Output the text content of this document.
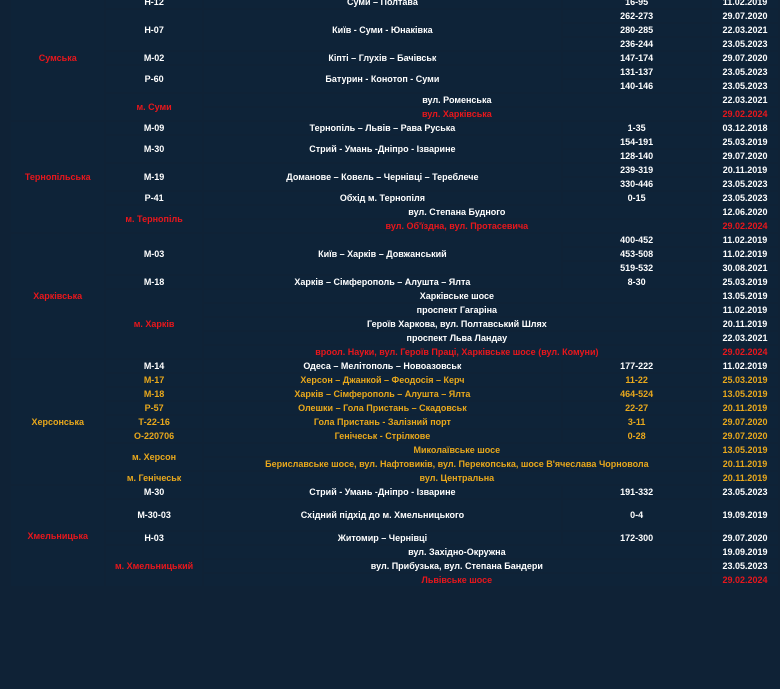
Сумська	Н-12	Суми – Полтава	16-95	11.02.2019
	Н-07	Київ - Суми - Юнаківка	262-273	29.07.2020
			280-285	22.03.2021
			236-244	23.05.2023
	М-02	Кіпті – Глухів – Бачівськ	147-174	29.07.2020
	Р-60	Батурин - Конотоп - Суми	131-137	23.05.2023
			140-146	23.05.2023
	м. Суми	вул. Роменська		22.03.2021
		вул. Харківська		29.02.2024
Тернопільська	М-09	Тернопіль – Львів – Рава Руська	1-35	03.12.2018
	М-30	Стрий - Умань -Дніпро - Ізварине	154-191	25.03.2019
			128-140	29.07.2020
	М-19	Доманове – Ковель – Чернівці – Тереблече	239-319	20.11.2019
			330-446	23.05.2023
	Р-41	Обхід м. Тернопіля	0-15	23.05.2023
	м. Тернопіль	вул. Степана Будного		12.06.2020
		вул. Об'їздна, вул. Протасевича		29.02.2024
Харківська	М-03	Київ – Харків – Довжанський	400-452	11.02.2019
			453-508	11.02.2019
			519-532	30.08.2021
	М-18	Харків – Сімферополь – Алушта – Ялта	8-30	25.03.2019
	м. Харків	Харківське шосе		13.05.2019
		проспект Гагаріна		11.02.2019
		Героїв Харкова, вул. Полтавський Шлях		20.11.2019
		проспект Льва Ландау		22.03.2021
		вроол. Науки, вул. Героїв Праці, Харківське шосе (вул. Комуни)		29.02.2024
Херсонська	М-14	Одеса – Мелітополь – Новоазовськ	177-222	11.02.2019
	М-17	Херсон – Джанкой – Феодосія – Керч	11-22	25.03.2019
	М-18	Харків – Сімферополь – Алушта – Ялта	464-524	13.05.2019
	Р-57	Олешки – Гола Пристань – Скадовськ	22-27	20.11.2019
	Т-22-16	Гола Пристань - Залізний порт	3-11	29.07.2020
	О-220706	Генічеськ - Стрілкове	0-28	29.07.2020
	м. Херсон	Миколаївське шосе		13.05.2019
		Бериславське шосе, вул. Нафтовиків, вул. Перекопська, шосе В'ячеслава Чорновола		20.11.2019
	м. Генічеськ	вул. Центральна		20.11.2019
Хмельницька	М-30	Стрий - Умань -Дніпро - Ізварине	191-332	23.05.2023
	М-30-03	Східний підхід до м. Хмельницького	0-4	19.09.2019
	Н-03	Житомир – Чернівці	172-300	29.07.2020
	м. Хмельницький	вул. Західно-Окружна		19.09.2019
		вул. Прибузька, вул. Степана Бандери		23.05.2023
		Львівське шосе		29.02.2024
